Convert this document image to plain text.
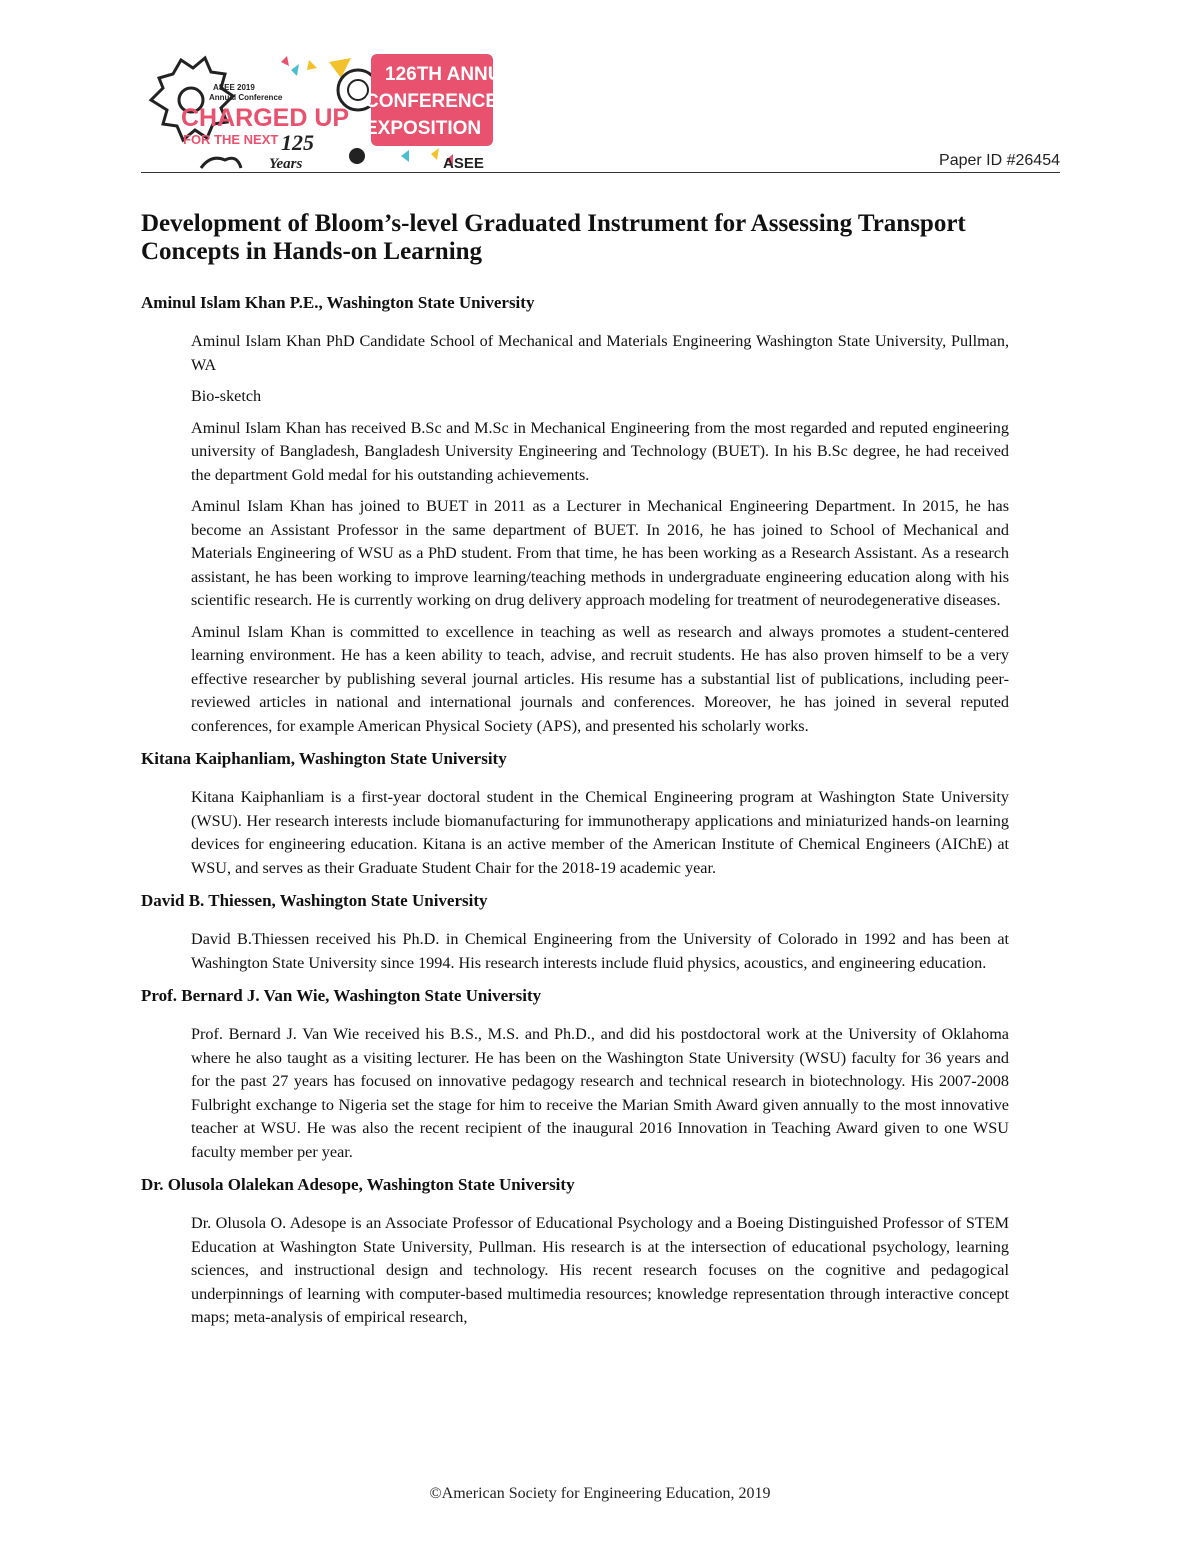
126TH ANNUAL
CONFERENCE &
EXPOSITION
ASEE 2019
Annual Conference
CHARGED UP
FOR THE NEXT 125
Years	ASEE	Paper ID #26454
Development of Bloom’s-level Graduated Instrument for Assessing Transport Concepts in Hands-on Learning
Aminul Islam Khan P.E., Washington State University

Aminul Islam Khan PhD Candidate School of Mechanical and Materials Engineering Washington State University, Pullman, WA

Bio-sketch

Aminul Islam Khan has received B.Sc and M.Sc in Mechanical Engineering from the most regarded and reputed engineering university of Bangladesh, Bangladesh University Engineering and Technology (BUET). In his B.Sc degree, he had received the department Gold medal for his outstanding achievements.

Aminul Islam Khan has joined to BUET in 2011 as a Lecturer in Mechanical Engineering Department. In 2015, he has become an Assistant Professor in the same department of BUET. In 2016, he has joined to School of Mechanical and Materials Engineering of WSU as a PhD student. From that time, he has been working as a Research Assistant. As a research assistant, he has been working to improve learning/teaching methods in undergraduate engineering education along with his scientific research. He is currently working on drug delivery approach modeling for treatment of neurodegenerative diseases.

Aminul Islam Khan is committed to excellence in teaching as well as research and always promotes a student-centered learning environment. He has a keen ability to teach, advise, and recruit students. He has also proven himself to be a very effective researcher by publishing several journal articles. His resume has a substantial list of publications, including peer-reviewed articles in national and international journals and conferences. Moreover, he has joined in several reputed conferences, for example American Physical Society (APS), and presented his scholarly works.

Kitana Kaiphanliam, Washington State University

Kitana Kaiphanliam is a first-year doctoral student in the Chemical Engineering program at Washington State University (WSU). Her research interests include biomanufacturing for immunotherapy applications and miniaturized hands-on learning devices for engineering education. Kitana is an active member of the American Institute of Chemical Engineers (AIChE) at WSU, and serves as their Graduate Student Chair for the 2018-19 academic year.

David B. Thiessen, Washington State University

David B.Thiessen received his Ph.D. in Chemical Engineering from the University of Colorado in 1992 and has been at Washington State University since 1994. His research interests include fluid physics, acoustics, and engineering education.

Prof. Bernard J. Van Wie, Washington State University

Prof. Bernard J. Van Wie received his B.S., M.S. and Ph.D., and did his postdoctoral work at the University of Oklahoma where he also taught as a visiting lecturer. He has been on the Washington State University (WSU) faculty for 36 years and for the past 27 years has focused on innovative pedagogy research and technical research in biotechnology. His 2007-2008 Fulbright exchange to Nigeria set the stage for him to receive the Marian Smith Award given annually to the most innovative teacher at WSU. He was also the recent recipient of the inaugural 2016 Innovation in Teaching Award given to one WSU faculty member per year.

Dr. Olusola Olalekan Adesope, Washington State University

Dr. Olusola O. Adesope is an Associate Professor of Educational Psychology and a Boeing Distinguished Professor of STEM Education at Washington State University, Pullman. His research is at the intersection of educational psychology, learning sciences, and instructional design and technology. His recent research focuses on the cognitive and pedagogical underpinnings of learning with computer-based multimedia resources; knowledge representation through interactive concept maps; meta-analysis of empirical research,

©American Society for Engineering Education, 2019
